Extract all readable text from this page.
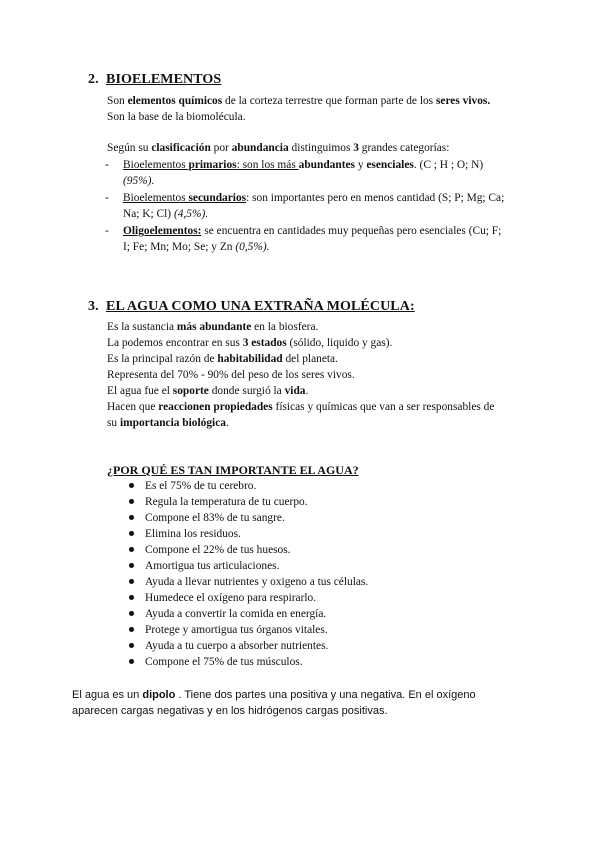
2. BIOELEMENTOS
Son elementos químicos de la corteza terrestre que forman parte de los seres vivos.
Son la base de la biomolécula.
Según su clasificación por abundancia distinguimos 3 grandes categorías:
- Bioelementos primarios: son los más abundantes y esenciales. (C ; H ; O; N)
(95%).
- Bioelementos secundarios: son importantes pero en menos cantidad (S; P; Mg; Ca;
Na; K; Cl) (4,5%).
- Oligoelementos: se encuentra en cantidades muy pequeñas pero esenciales (Cu; F;
I; Fe; Mn; Mo; Se; y Zn (0,5%).
3. EL AGUA COMO UNA EXTRAÑA MOLÉCULA:
Es la sustancia más abundante en la biosfera.
La podemos encontrar en sus 3 estados (sólido, liquido y gas).
Es la principal razón de habitabilidad del planeta.
Representa del 70% - 90% del peso de los seres vivos.
El agua fue el soporte donde surgió la vida.
Hacen que reaccionen propiedades físicas y químicas que van a ser responsables de
su importancia biológica.
¿POR QUÉ ES TAN IMPORTANTE EL AGUA?
Es el 75% de tu cerebro.
Regula la temperatura de tu cuerpo.
Compone el 83% de tu sangre.
Elimina los residuos.
Compone el 22% de tus huesos.
Amortigua tus articulaciones.
Ayuda a llevar nutrientes y oxigeno a tus células.
Humedece el oxígeno para respirarlo.
Ayuda a convertir la comida en energía.
Protege y amortigua tus órganos vitales.
Ayuda a tu cuerpo a absorber nutrientes.
Compone el 75% de tus músculos.
El agua es un dipolo . Tiene dos partes una positiva y una negativa. En el oxígeno
aparecen cargas negativas y en los hidrógenos cargas positivas.
